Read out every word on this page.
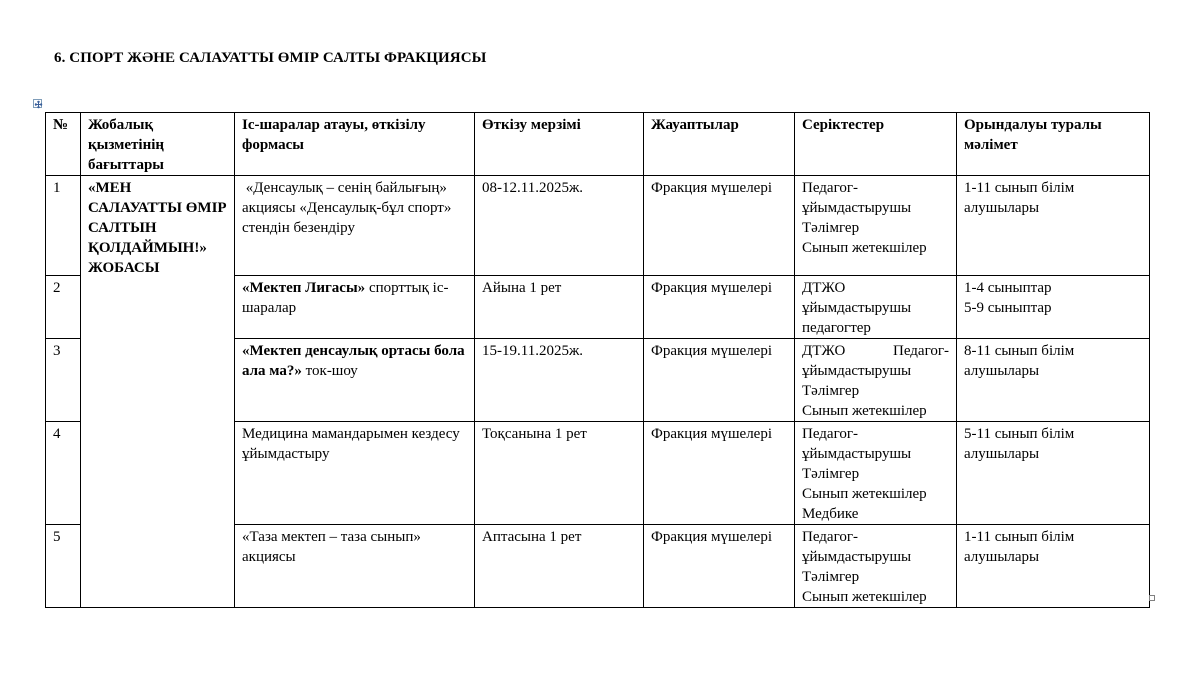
6. СПОРТ ЖӘНЕ САЛАУАТТЫ ӨМІР САЛТЫ ФРАКЦИЯСЫ
№	Жобалық қызметінің бағыттары	Іс-шаралар атауы, өткізілу формасы	Өткізу мерзімі	Жауаптылар	Серіктестер	Орындалуы туралы мәлімет
1	«МЕН САЛАУАТТЫ ӨМІР САЛТЫН ҚОЛДАЙМЫН!» ЖОБАСЫ	«Денсаулық – сенің байлығың» акциясы «Денсаулық-бұл спорт» стендін безендіру	08-12.11.2025ж.	Фракция мүшелері	Педагог-ұйымдастырушы
Тәлімгер
Сынып жетекшілер	1-11 сынып білім алушылары
2		«Мектеп Лигасы» спорттық іс-шаралар	Айына 1 рет	Фракция мүшелері	ДТЖО ұйымдастырушы педагогтер	1-4 сыныптар
5-9 сыныптар

3		«Мектеп денсаулық ортасы бола ала ма?» ток-шоу	15-19.11.2025ж.	Фракция мүшелері	ДТЖО Педагог-ұйымдастырушы
Тәлімгер
Сынып жетекшілер	8-11 сынып білім алушылары
4		Медицина мамандарымен кездесу ұйымдастыру	Тоқсанына 1 рет	Фракция мүшелері	Педагог-ұйымдастырушы
Тәлімгер
Сынып жетекшілер
Медбике	5-11 сынып білім алушылары
5		«Таза мектеп – таза сынып» акциясы	Аптасына 1 рет	Фракция мүшелері	Педагог-ұйымдастырушы
Тәлімгер
Сынып жетекшілер	1-11 сынып білім алушылары
